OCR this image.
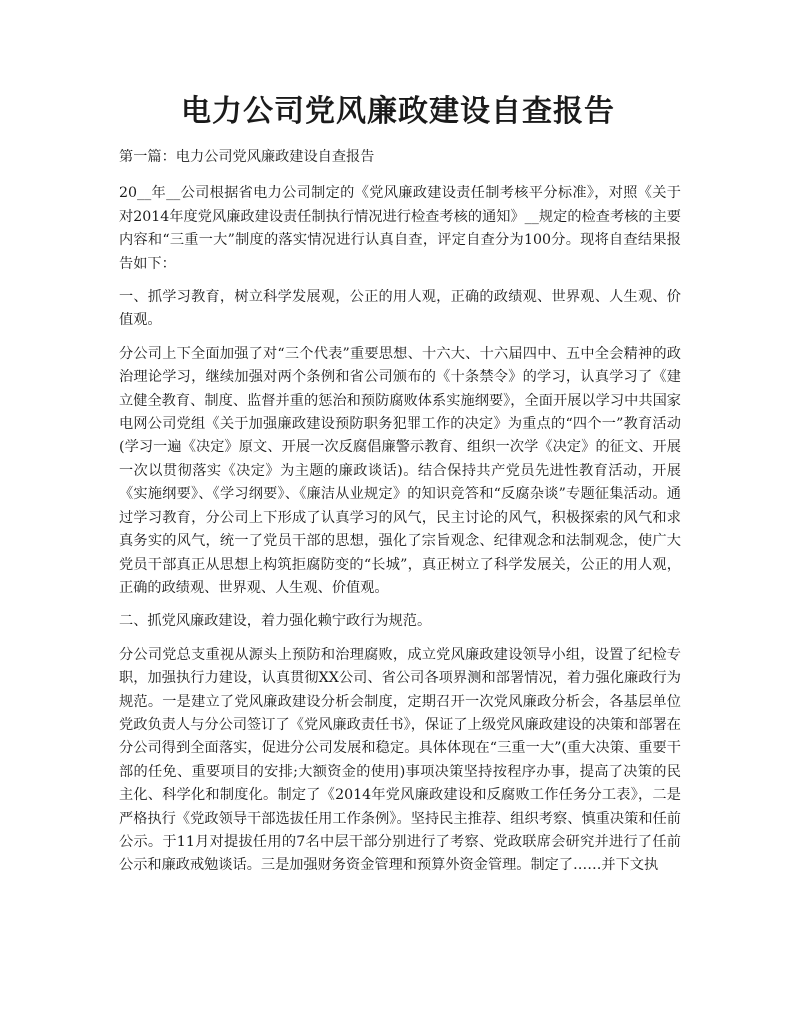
电力公司党风廉政建设自查报告

第一篇：电力公司党风廉政建设自查报告

20__年__公司根据省电力公司制定的《党风廉政建设责任制考核平分标准》，对照《关于对2014年度党风廉政建设责任制执行情况进行检查考核的通知》__规定的检查考核的主要内容和“三重一大”制度的落实情况进行认真自查，评定自查分为100分。现将自查结果报告如下：

一、抓学习教育，树立科学发展观，公正的用人观，正确的政绩观、世界观、人生观、价值观。

分公司上下全面加强了对“三个代表”重要思想、十六大、十六届四中、五中全会精神的政治理论学习，继续加强对两个条例和省公司颁布的《十条禁令》的学习，认真学习了《建立健全教育、制度、监督并重的惩治和预防腐败体系实施纲要》，全面开展以学习中共国家电网公司党组《关于加强廉政建设预防职务犯罪工作的决定》为重点的“四个一”教育活动(学习一遍《决定》原文、开展一次反腐倡廉警示教育、组织一次学《决定》的征文、开展一次以贯彻落实《决定》为主题的廉政谈话)。结合保持共产党员先进性教育活动，开展《实施纲要》、《学习纲要》、《廉洁从业规定》的知识竞答和“反腐杂谈”专题征集活动。通过学习教育，分公司上下形成了认真学习的风气，民主讨论的风气，积极探索的风气和求真务实的风气，统一了党员干部的思想，强化了宗旨观念、纪律观念和法制观念，使广大党员干部真正从思想上构筑拒腐防变的“长城”，真正树立了科学发展关，公正的用人观，正确的政绩观、世界观、人生观、价值观。

二、抓党风廉政建设，着力强化赖宁政行为规范。

分公司党总支重视从源头上预防和治理腐败，成立党风廉政建设领导小组，设置了纪检专职，加强执行力建设，认真贯彻XX公司、省公司各项界测和部署情况，着力强化廉政行为规范。一是建立了党风廉政建设分析会制度，定期召开一次党风廉政分析会，各基层单位党政负责人与分公司签订了《党风廉政责任书》，保证了上级党风廉政建设的决策和部署在分公司得到全面落实，促进分公司发展和稳定。具体体现在“三重一大”(重大决策、重要干部的任免、重要项目的安排;大额资金的使用)事项决策坚持按程序办事，提高了决策的民主化、科学化和制度化。制定了《2014年党风廉政建设和反腐败工作任务分工表》，二是严格执行《党政领导干部选拔任用工作条例》。坚持民主推荐、组织考察、慎重决策和任前公示。于11月对提拔任用的7名中层干部分别进行了考察、党政联席会研究并进行了任前公示和廉政戒勉谈话。三是加强财务资金管理和预算外资金管理。制定了……并下文执
